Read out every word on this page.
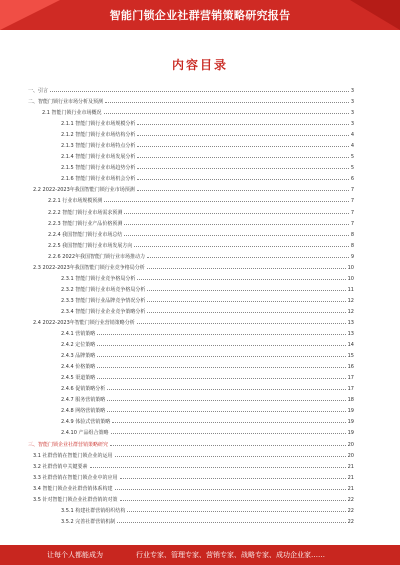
智能门锁企业社群营销策略研究报告
内容目录
一、引言	3
二、智能门锁行业市场分析及预测	3
2.1 智能门锁行业市场概况	3
2.1.1 智能门锁行业市场规模分析	3
2.1.2 智能门锁行业市场结构分析	4
2.1.3 智能门锁行业市场特点分析	4
2.1.4 智能门锁行业市场发展分析	5
2.1.5 智能门锁行业市场趋势分析	5
2.1.6 智能门锁行业市场机会分析	6
2.2 2022-2023年我国智能门锁行业市场预测	7
2.2.1 行业市场规模预测	7
2.2.2 智能门锁行业市场需求预测	7
2.2.3 智能门锁行业产品价格预测	7
2.2.4 我国智能门锁行业市场总结	8
2.2.5 我国智能门锁行业市场发展方向	8
2.2.6 2022年我国智能门锁行业市场推动力	9
2.3 2022-2023年我国智能门锁行业竞争格局分析	10
2.3.1 智能门锁行业竞争格局分析	10
2.3.2 智能门锁行业市场竞争格局分析	11
2.3.3 智能门锁行业品牌竞争情况分析	12
2.3.4 智能门锁行业企业竞争策略分析	12
2.4 2022-2023年智能门锁行业营销策略分析	13
2.4.1 营销策略	13
2.4.2 定位策略	14
2.4.3 品牌策略	15
2.4.4 价格策略	16
2.4.5 渠道策略	17
2.4.6 促销策略分析	17
2.4.7 服务营销策略	18
2.4.8 网络营销策略	19
2.4.9 体验式营销策略	19
2.4.10 产品组合策略	19
三、智能门锁企业社群营销策略研究	20
3.1 社群营销在智能门锁企业的运用	20
3.2 社群营销中关键要素	21
3.3 社群营销在智能门锁企业中的应用	21
3.4 智能门锁企业社群营销体系构建	21
3.5 针对智能门锁企业社群营销的对策	22
3.5.1 构建社群营销组织结构	22
3.5.2 完善社群营销机制	22
让每个人都能成为	行业专家、管理专家、营销专家、战略专家、成功企业家……
